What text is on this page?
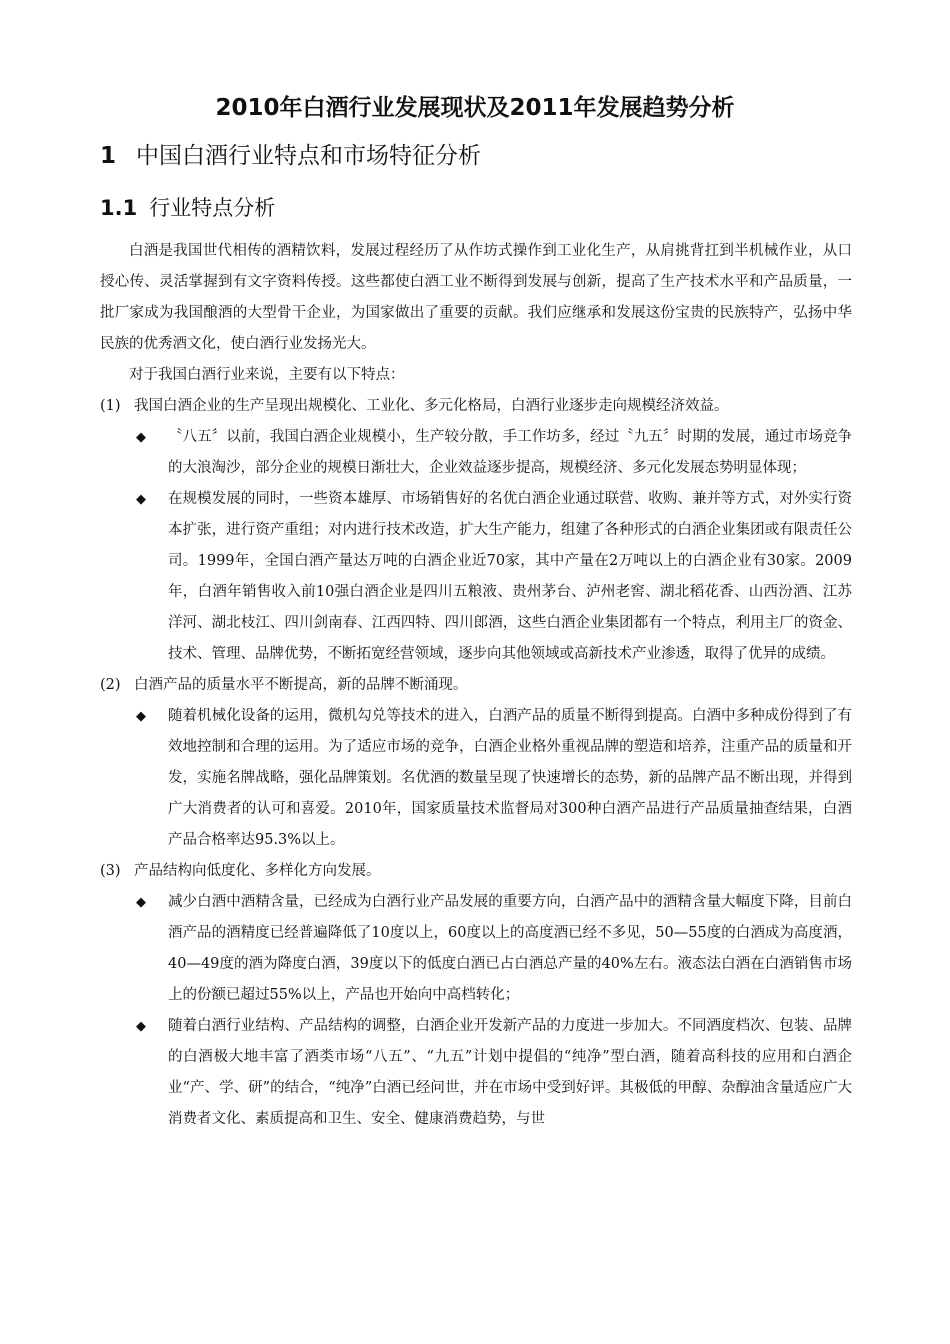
2010年白酒行业发展现状及2011年发展趋势分析
1 中国白酒行业特点和市场特征分析
1.1 行业特点分析

白酒是我国世代相传的酒精饮料，发展过程经历了从作坊式操作到工业化生产，从肩挑背扛到半机械作业，从口授心传、灵活掌握到有文字资料传授。这些都使白酒工业不断得到发展与创新，提高了生产技术水平和产品质量，一批厂家成为我国酿酒的大型骨干企业，为国家做出了重要的贡献。我们应继承和发展这份宝贵的民族特产，弘扬中华民族的优秀酒文化，使白酒行业发扬光大。

对于我国白酒行业来说，主要有以下特点：

(1) 我国白酒企业的生产呈现出规模化、工业化、多元化格局，白酒行业逐步走向规模经济效益。

◆ 〝八五〞以前，我国白酒企业规模小，生产较分散，手工作坊多，经过〝九五〞时期的发展，通过市场竞争的大浪淘沙，部分企业的规模日渐壮大，企业效益逐步提高，规模经济、多元化发展态势明显体现；

◆ 在规模发展的同时，一些资本雄厚、市场销售好的名优白酒企业通过联营、收购、兼并等方式，对外实行资本扩张，进行资产重组；对内进行技术改造，扩大生产能力，组建了各种形式的白酒企业集团或有限责任公司。1999年，全国白酒产量达万吨的白酒企业近70家，其中产量在2万吨以上的白酒企业有30家。2009年，白酒年销售收入前10强白酒企业是四川五粮液、贵州茅台、泸州老窖、湖北稻花香、山西汾酒、江苏洋河、湖北枝江、四川剑南春、江西四特、四川郎酒，这些白酒企业集团都有一个特点，利用主厂的资金、技术、管理、品牌优势，不断拓宽经营领域，逐步向其他领域或高新技术产业渗透，取得了优异的成绩。

(2) 白酒产品的质量水平不断提高，新的品牌不断涌现。

◆ 随着机械化设备的运用，微机勾兑等技术的进入，白酒产品的质量不断得到提高。白酒中多种成份得到了有效地控制和合理的运用。为了适应市场的竞争，白酒企业格外重视品牌的塑造和培养，注重产品的质量和开发，实施名牌战略，强化品牌策划。名优酒的数量呈现了快速增长的态势，新的品牌产品不断出现，并得到广大消费者的认可和喜爱。2010年，国家质量技术监督局对300种白酒产品进行产品质量抽查结果，白酒产品合格率达95.3%以上。

(3) 产品结构向低度化、多样化方向发展。

◆ 减少白酒中酒精含量，已经成为白酒行业产品发展的重要方向，白酒产品中的酒精含量大幅度下降，目前白酒产品的酒精度已经普遍降低了10度以上，60度以上的高度酒已经不多见，50—55度的白酒成为高度酒，40—49度的酒为降度白酒，39度以下的低度白酒已占白酒总产量的40%左右。液态法白酒在白酒销售市场上的份额已超过55%以上，产品也开始向中高档转化；

◆ 随着白酒行业结构、产品结构的调整，白酒企业开发新产品的力度进一步加大。不同酒度档次、包装、品牌的白酒极大地丰富了酒类市场“八五”、“九五”计划中提倡的“纯净”型白酒，随着高科技的应用和白酒企业“产、学、研”的结合，“纯净”白酒已经问世，并在市场中受到好评。其极低的甲醇、杂醇油含量适应广大消费者文化、素质提高和卫生、安全、健康消费趋势，与世
